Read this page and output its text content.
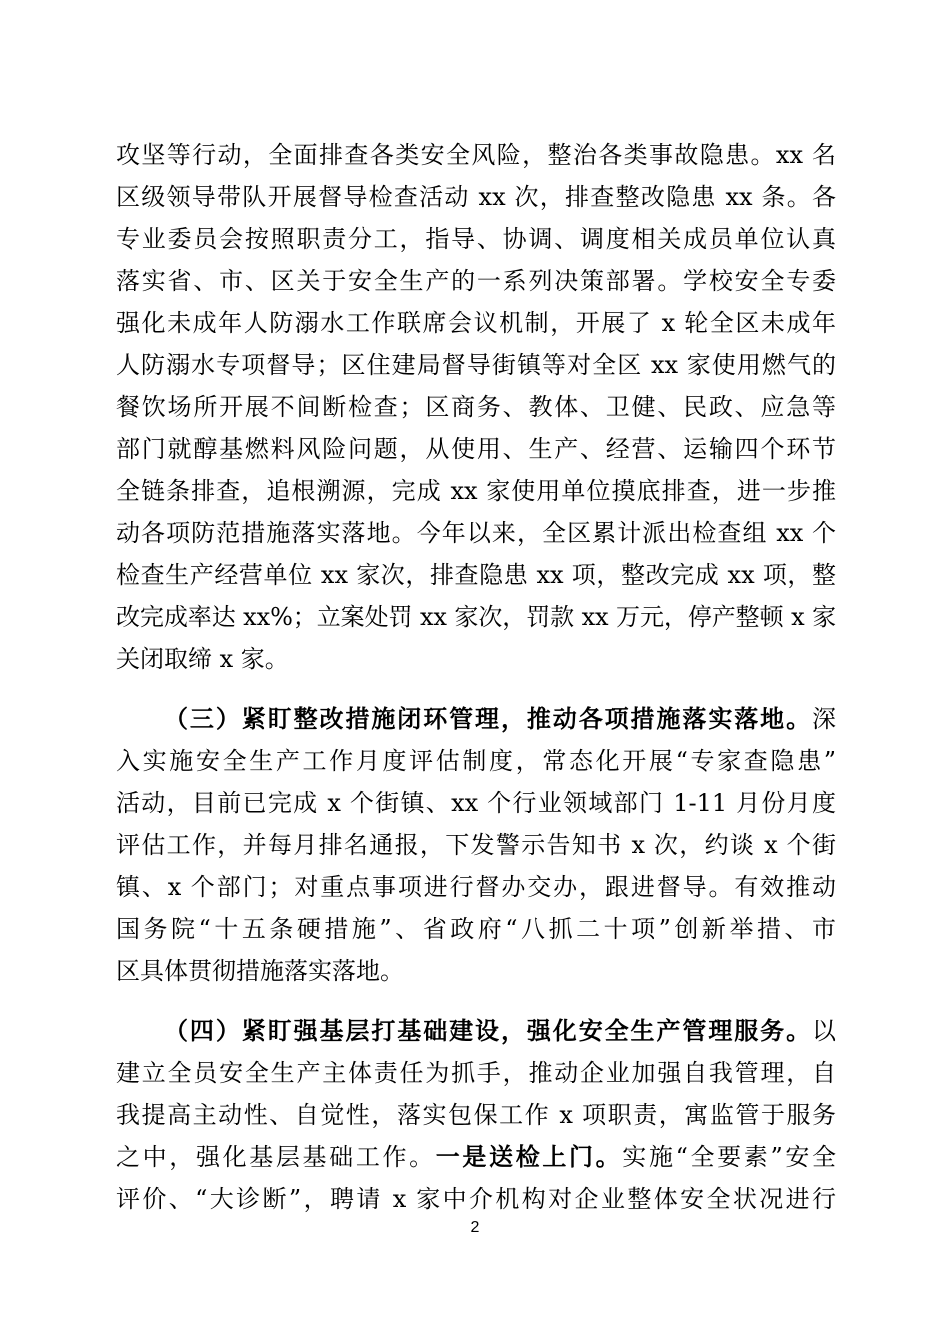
攻坚等行动，全面排查各类安全风险，整治各类事故隐患。xx 名
区级领导带队开展督导检查活动 xx 次，排查整改隐患 xx 条。各
专业委员会按照职责分工，指导、协调、调度相关成员单位认真
落实省、市、区关于安全生产的一系列决策部署。学校安全专委
强化未成年人防溺水工作联席会议机制，开展了 x 轮全区未成年
人防溺水专项督导；区住建局督导街镇等对全区 xx 家使用燃气的
餐饮场所开展不间断检查；区商务、教体、卫健、民政、应急等
部门就醇基燃料风险问题，从使用、生产、经营、运输四个环节
全链条排查，追根溯源，完成 xx 家使用单位摸底排查，进一步推
动各项防范措施落实落地。今年以来，全区累计派出检查组 xx 个
检查生产经营单位 xx 家次，排查隐患 xx 项，整改完成 xx 项，整
改完成率达 xx%；立案处罚 xx 家次，罚款 xx 万元，停产整顿 x 家
关闭取缔 x 家。
（三）紧盯整改措施闭环管理，推动各项措施落实落地。深
入实施安全生产工作月度评估制度，常态化开展“专家查隐患”
活动，目前已完成 x 个街镇、xx 个行业领域部门 1-11 月份月度
评估工作，并每月排名通报，下发警示告知书 x 次，约谈 x 个街
镇、x 个部门；对重点事项进行督办交办，跟进督导。有效推动
国务院“十五条硬措施”、省政府“八抓二十项”创新举措、市
区具体贯彻措施落实落地。
（四）紧盯强基层打基础建设，强化安全生产管理服务。以
建立全员安全生产主体责任为抓手，推动企业加强自我管理，自
我提高主动性、自觉性，落实包保工作 x 项职责，寓监管于服务
之中，强化基层基础工作。一是送检上门。实施“全要素”安全
评价、“大诊断”，聘请 x 家中介机构对企业整体安全状况进行
2
